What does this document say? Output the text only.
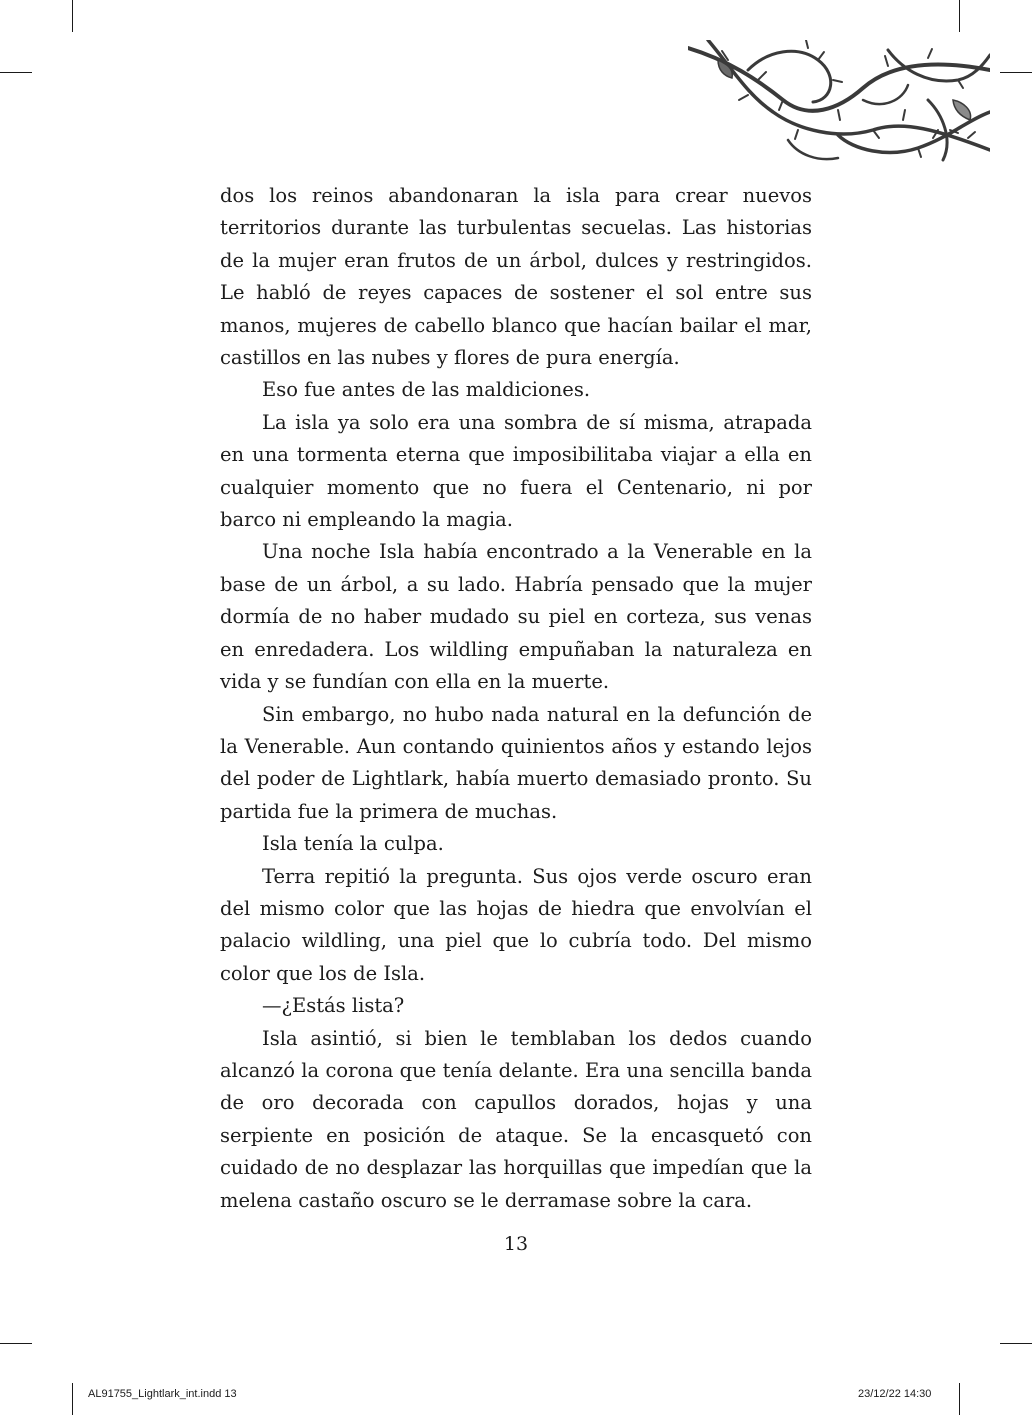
dos los reinos abandonaran la isla para crear nuevos territorios durante las turbulentas secuelas. Las historias de la mujer eran frutos de un árbol, dulces y restringidos. Le habló de reyes capaces de sostener el sol entre sus manos, mujeres de cabello blanco que hacían bailar el mar, castillos en las nubes y flores de pura energía.

Eso fue antes de las maldiciones.

La isla ya solo era una sombra de sí misma, atrapada en una tormenta eterna que imposibilitaba viajar a ella en cualquier momento que no fuera el Centenario, ni por barco ni empleando la magia.

Una noche Isla había encontrado a la Venerable en la base de un árbol, a su lado. Habría pensado que la mujer dormía de no haber mudado su piel en corteza, sus venas en enredadera. Los wildling empuñaban la naturaleza en vida y se fundían con ella en la muerte.

Sin embargo, no hubo nada natural en la defunción de la Venerable. Aun contando quinientos años y estando lejos del poder de Lightlark, había muerto demasiado pronto. Su partida fue la primera de muchas.

Isla tenía la culpa.

Terra repitió la pregunta. Sus ojos verde oscuro eran del mismo color que las hojas de hiedra que envolvían el palacio wildling, una piel que lo cubría todo. Del mismo color que los de Isla.

—¿Estás lista?

Isla asintió, si bien le temblaban los dedos cuando alcanzó la corona que tenía delante. Era una sencilla banda de oro decorada con capullos dorados, hojas y una serpiente en posición de ataque. Se la encasquetó con cuidado de no desplazar las horquillas que impedían que la melena castaño oscuro se le derramase sobre la cara.

13
AL91755_Lightlark_int.indd 13	23/12/22 14:30
